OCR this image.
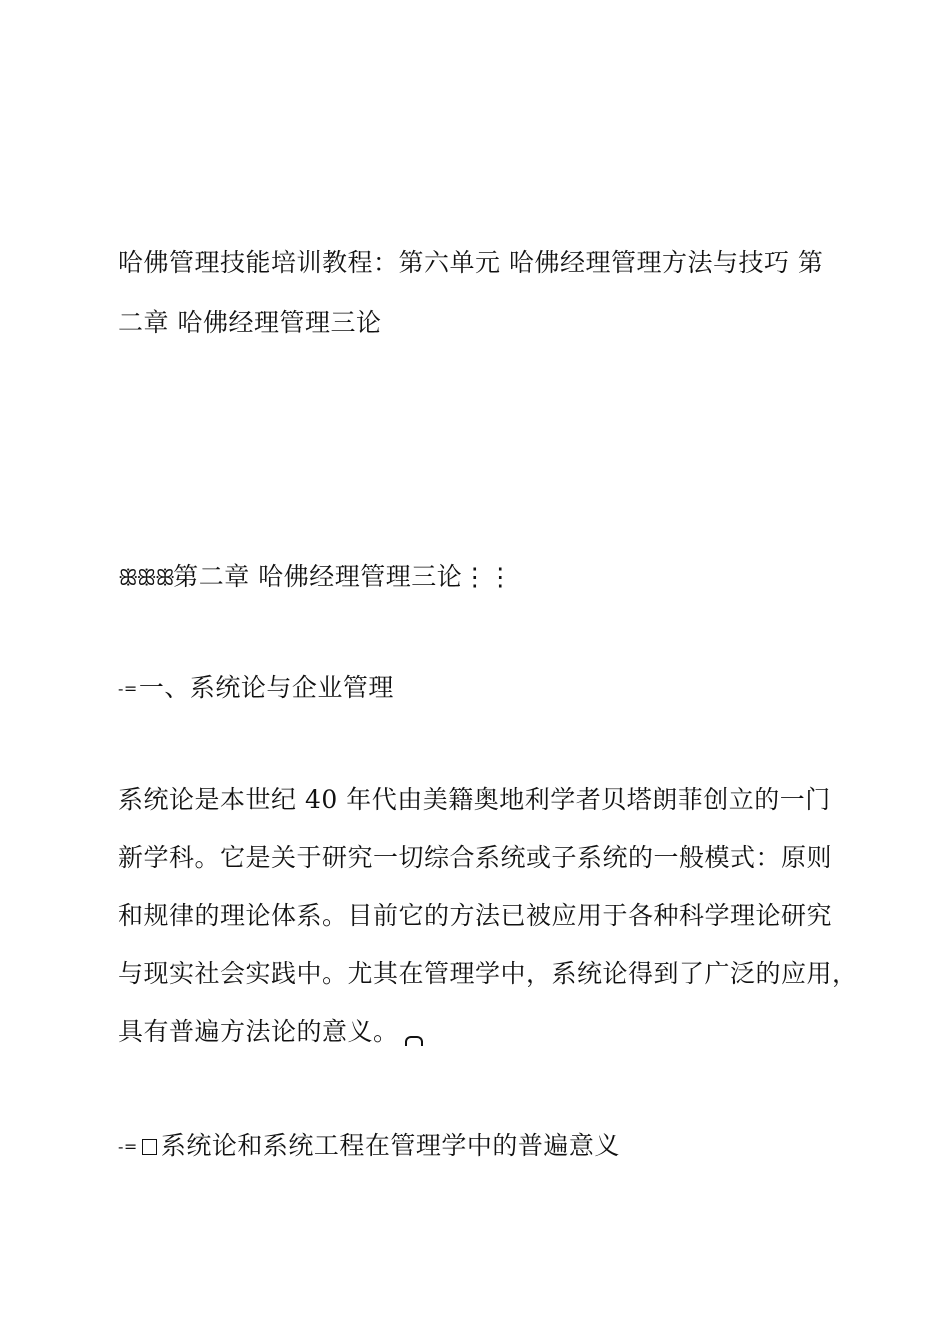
哈佛管理技能培训教程：第六单元 哈佛经理管理方法与技巧 第
二章 哈佛经理管理三论
ꕥꕥꕥ第二章 哈佛经理管理三论⋮⋮
-=一、系统论与企业管理
系统论是本世纪 40 年代由美籍奥地利学者贝塔朗菲创立的一门
新学科。它是关于研究一切综合系统或子系统的一般模式：原则
和规律的理论体系。目前它的方法已被应用于各种科学理论研究
与现实社会实践中。尤其在管理学中，系统论得到了广泛的应用，
具有普遍方法论的意义。
-= 系统论和系统工程在管理学中的普遍意义
